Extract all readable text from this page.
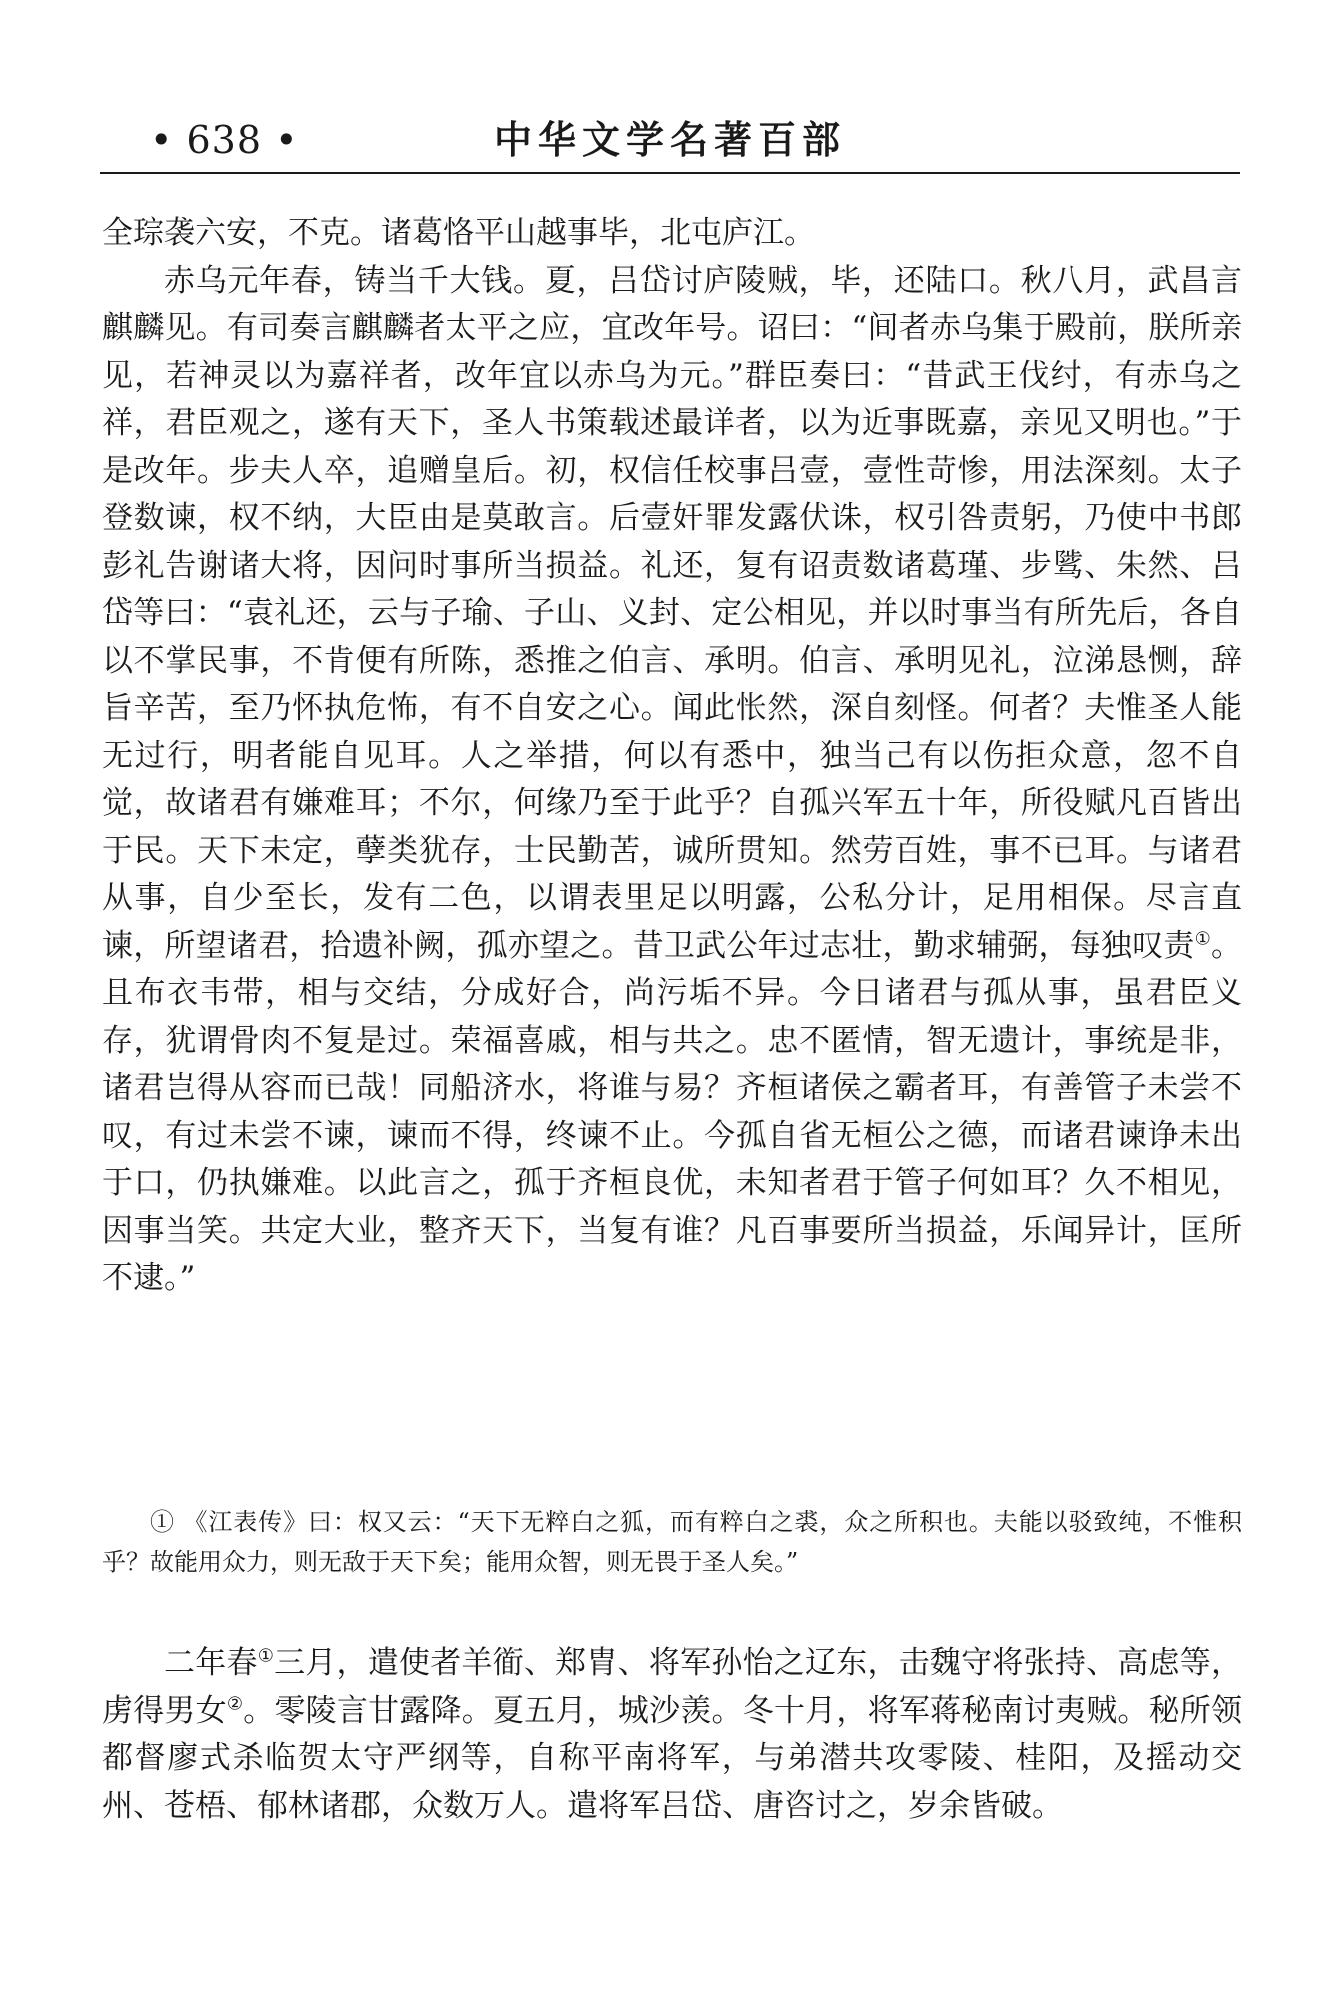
中华文学名著百部
• 638 •

全琮袭六安，不克。诸葛恪平山越事毕，北屯庐江。

赤乌元年春，铸当千大钱。夏，吕岱讨庐陵贼，毕，还陆口。秋八月，武昌言麒麟见。有司奏言麒麟者太平之应，宜改年号。诏曰：“间者赤乌集于殿前，朕所亲见，若神灵以为嘉祥者，改年宜以赤乌为元。”群臣奏曰：“昔武王伐纣，有赤乌之祥，君臣观之，遂有天下，圣人书策载述最详者，以为近事既嘉，亲见又明也。”于是改年。步夫人卒，追赠皇后。初，权信任校事吕壹，壹性苛惨，用法深刻。太子登数谏，权不纳，大臣由是莫敢言。后壹奸罪发露伏诛，权引咎责躬，乃使中书郎彭礼告谢诸大将，因问时事所当损益。礼还，复有诏责数诸葛瑾、步骘、朱然、吕岱等曰：“袁礼还，云与子瑜、子山、义封、定公相见，并以时事当有所先后，各自以不掌民事，不肯便有所陈，悉推之伯言、承明。伯言、承明见礼，泣涕恳恻，辞旨辛苦，至乃怀执危怖，有不自安之心。闻此怅然，深自刻怪。何者？夫惟圣人能无过行，明者能自见耳。人之举措，何以有悉中，独当己有以伤拒众意，忽不自觉，故诸君有嫌难耳；不尔，何缘乃至于此乎？自孤兴军五十年，所役赋凡百皆出于民。天下未定，孽类犹存，士民勤苦，诚所贯知。然劳百姓，事不已耳。与诸君从事，自少至长，发有二色，以谓表里足以明露，公私分计，足用相保。尽言直谏，所望诸君，拾遗补阙，孤亦望之。昔卫武公年过志壮，勤求辅弼，每独叹责①。且布衣韦带，相与交结，分成好合，尚污垢不异。今日诸君与孤从事，虽君臣义存，犹谓骨肉不复是过。荣福喜戚，相与共之。忠不匿情，智无遗计，事统是非，诸君岂得从容而已哉！同船济水，将谁与易？齐桓诸侯之霸者耳，有善管子未尝不叹，有过未尝不谏，谏而不得，终谏不止。今孤自省无桓公之德，而诸君谏诤未出于口，仍执嫌难。以此言之，孤于齐桓良优，未知者君于管子何如耳？久不相见，因事当笑。共定大业，整齐天下，当复有谁？凡百事要所当损益，乐闻异计，匡所不逮。”

① 《江表传》曰：权又云：“天下无粹白之狐，而有粹白之裘，众之所积也。夫能以驳致纯，不惟积乎？故能用众力，则无敌于天下矣；能用众智，则无畏于圣人矣。”

二年春①三月，遣使者羊衜、郑胄、将军孙怡之辽东，击魏守将张持、高虑等，虏得男女②。零陵言甘露降。夏五月，城沙羡。冬十月，将军蒋秘南讨夷贼。秘所领都督廖式杀临贺太守严纲等，自称平南将军，与弟潜共攻零陵、桂阳，及摇动交州、苍梧、郁林诸郡，众数万人。遣将军吕岱、唐咨讨之，岁余皆破。
